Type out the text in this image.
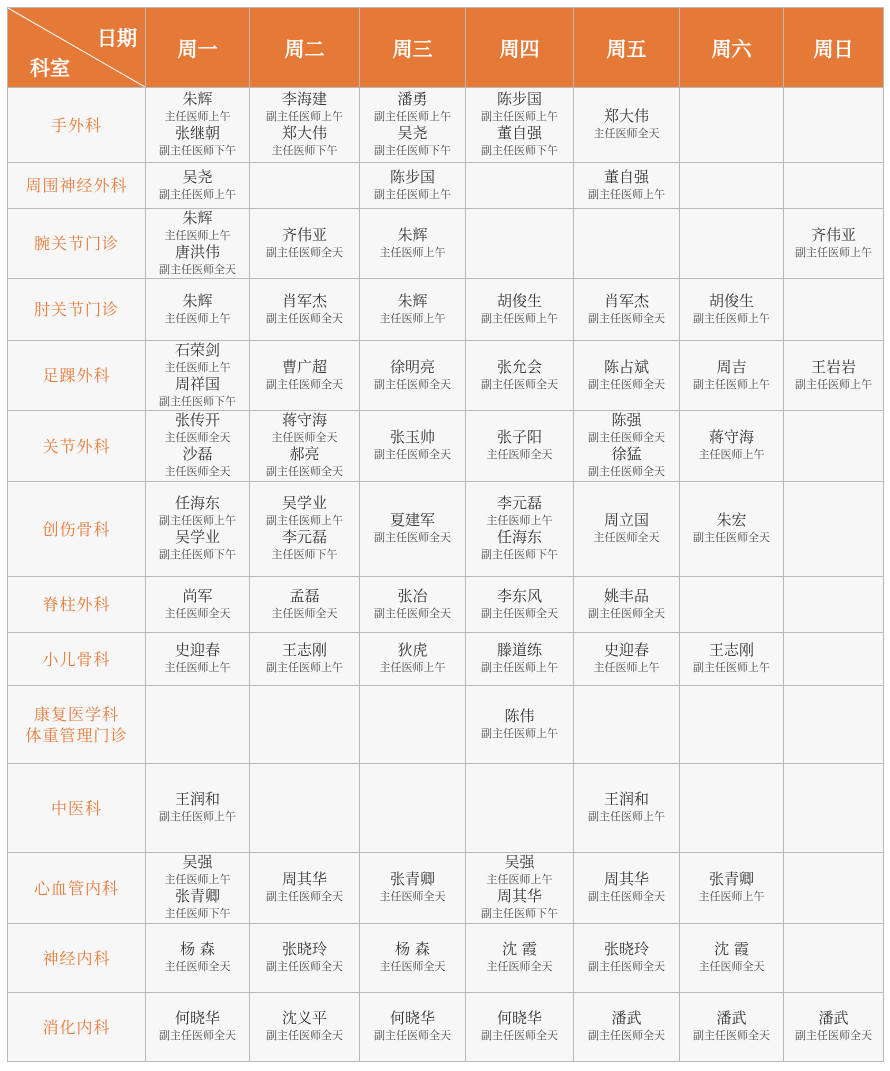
日期
科室	周一	周二	周三	周四	周五	周六	周日

手外科	朱辉
主任医师上午
张继朝
副主任医师下午	李海建
副主任医师上午
郑大伟
主任医师下午	潘勇
副主任医师上午
吴尧
副主任医师下午	陈步国
副主任医师上午
董自强
副主任医师下午	郑大伟
主任医师全天		

周围神经外科	吴尧
副主任医师上午		陈步国
副主任医师上午		董自强
副主任医师上午		

腕关节门诊	朱辉
主任医师上午
唐洪伟
副主任医师全天	齐伟亚
副主任医师全天	朱辉
主任医师上午				齐伟亚
副主任医师上午

肘关节门诊	朱辉
主任医师上午	肖军杰
副主任医师全天	朱辉
主任医师上午	胡俊生
副主任医师上午	肖军杰
副主任医师全天	胡俊生
副主任医师上午	

足踝外科	石荣剑
主任医师上午
周祥国
副主任医师下午	曹广超
副主任医师全天	徐明亮
副主任医师全天	张允会
副主任医师全天	陈占斌
副主任医师全天	周吉
副主任医师上午	王岩岩
副主任医师上午

关节外科	张传开
主任医师全天
沙磊
主任医师全天	蒋守海
主任医师全天
郝亮
副主任医师全天	张玉帅
副主任医师全天	张子阳
主任医师全天	陈强
副主任医师全天
徐猛
副主任医师全天	蒋守海
主任医师上午	

创伤骨科	任海东
副主任医师上午
吴学业
副主任医师下午	吴学业
副主任医师上午
李元磊
主任医师下午	夏建军
副主任医师全天	李元磊
主任医师上午
任海东
副主任医师下午	周立国
主任医师全天	朱宏
副主任医师全天	

脊柱外科	尚军
主任医师全天	孟磊
主任医师全天	张冶
副主任医师全天	李东风
副主任医师全天	姚丰品
副主任医师全天		

小儿骨科	史迎春
主任医师上午	王志刚
副主任医师上午	狄虎
主任医师上午	滕道练
副主任医师上午	史迎春
主任医师上午	王志刚
副主任医师上午	

康复医学科
体重管理门诊				陈伟
副主任医师上午			

中医科	王润和
副主任医师上午				王润和
副主任医师上午		

心血管内科	吴强
主任医师上午
张青卿
主任医师下午	周其华
副主任医师全天	张青卿
主任医师全天	吴强
主任医师上午
周其华
副主任医师下午	周其华
副主任医师全天	张青卿
主任医师上午	

神经内科	杨 森
主任医师全天	张晓玲
副主任医师全天	杨 森
主任医师全天	沈 霞
主任医师全天	张晓玲
副主任医师全天	沈 霞
主任医师全天	

消化内科	何晓华
副主任医师全天	沈义平
副主任医师全天	何晓华
副主任医师全天	何晓华
副主任医师全天	潘武
副主任医师全天	潘武
副主任医师全天	潘武
副主任医师全天
